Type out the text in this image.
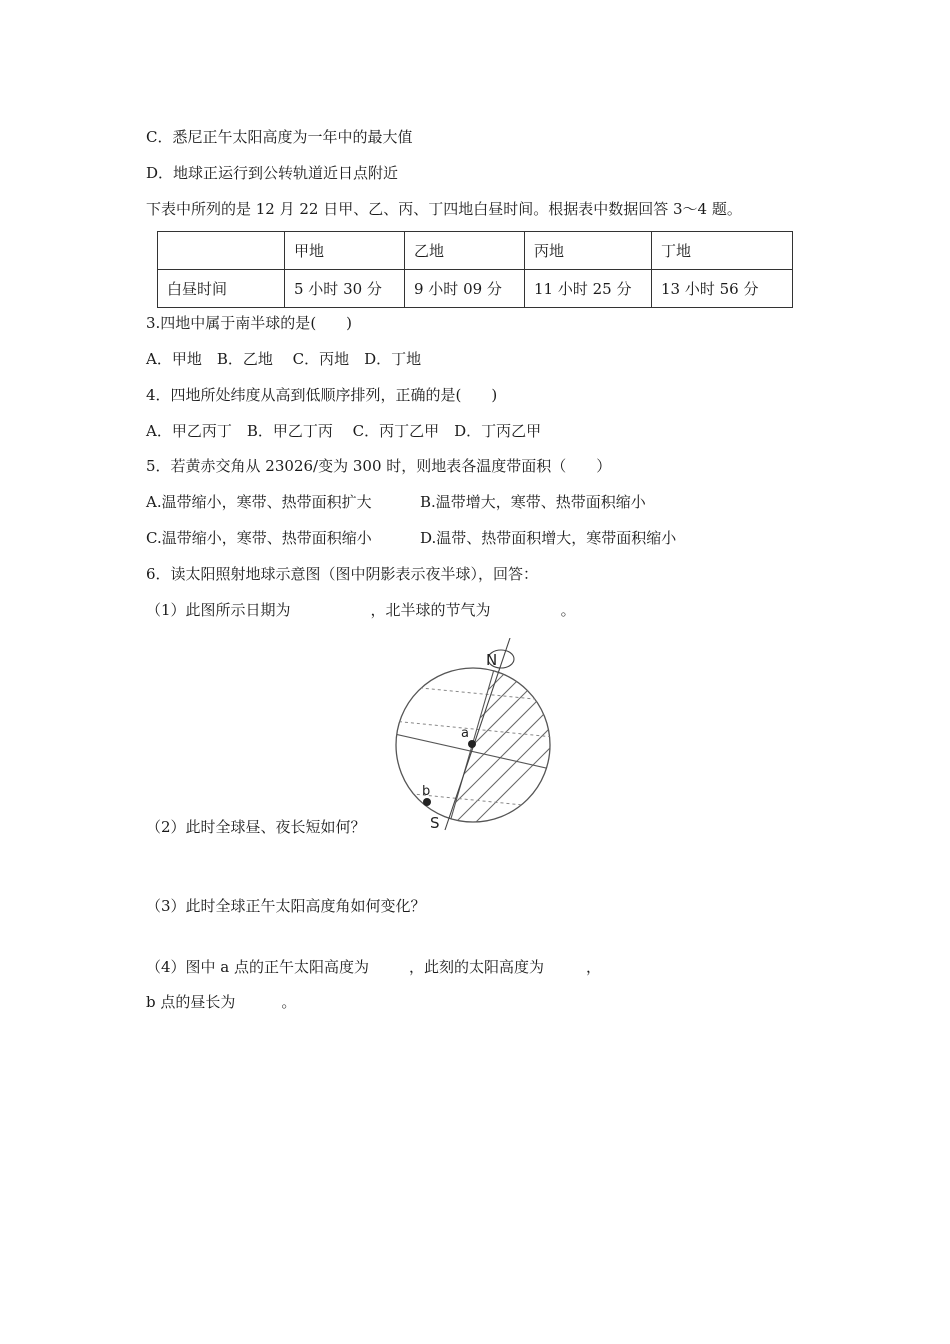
C．悉尼正午太阳高度为一年中的最大值
D．地球正运行到公转轨道近日点附近
下表中所列的是 12 月 22 日甲、乙、丙、丁四地白昼时间。根据表中数据回答 3～4 题。
	甲地	乙地	丙地	丁地
白昼时间	5 小时 30 分	9 小时 09 分	11 小时 25 分	13 小时 56 分
3.四地中属于南半球的是(　　)
A．甲地　B．乙地　 C．丙地　D．丁地
4．四地所处纬度从高到低顺序排列，正确的是(　　)
A．甲乙丙丁　B．甲乙丁丙　 C．丙丁乙甲　D．丁丙乙甲
5．若黄赤交角从 23026/变为 300 时，则地表各温度带面积（　　）
A.温带缩小，寒带、热带面积扩大	B.温带增大，寒带、热带面积缩小
C.温带缩小，寒带、热带面积缩小	D.温带、热带面积增大，寒带面积缩小
6．读太阳照射地球示意图（图中阴影表示夜半球），回答：
（1）此图所示日期为	，北半球的节气为	。
N
S
a
b
（2）此时全球昼、夜长短如何？
（3）此时全球正午太阳高度角如何变化？
（4）图中 a 点的正午太阳高度为	，此刻的太阳高度为	，
b 点的昼长为	。
